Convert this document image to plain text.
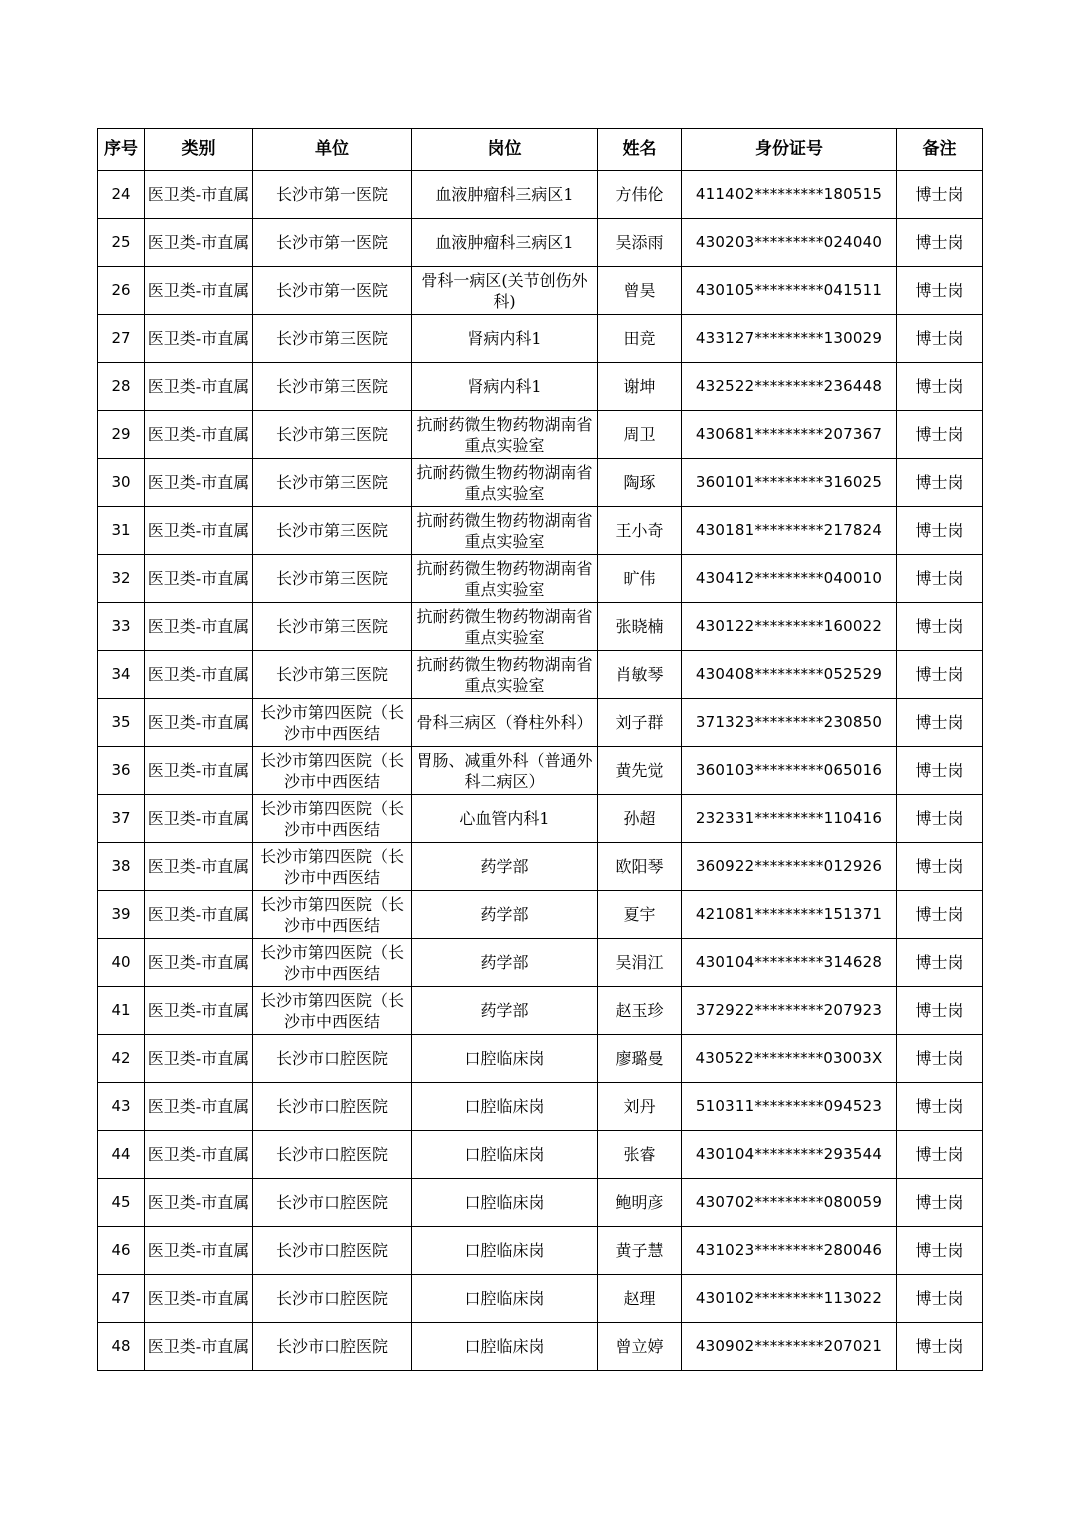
序号	类别	单位	岗位	姓名	身份证号	备注
24	医卫类-市直属	长沙市第一医院	血液肿瘤科三病区1	方伟伦	411402*********180515	博士岗
25	医卫类-市直属	长沙市第一医院	血液肿瘤科三病区1	吴添雨	430203*********024040	博士岗
26	医卫类-市直属	长沙市第一医院	骨科一病区(关节创伤外科)	曾昊	430105*********041511	博士岗
27	医卫类-市直属	长沙市第三医院	肾病内科1	田竞	433127*********130029	博士岗
28	医卫类-市直属	长沙市第三医院	肾病内科1	谢坤	432522*********236448	博士岗
29	医卫类-市直属	长沙市第三医院	抗耐药微生物药物湖南省重点实验室	周卫	430681*********207367	博士岗
30	医卫类-市直属	长沙市第三医院	抗耐药微生物药物湖南省重点实验室	陶琢	360101*********316025	博士岗
31	医卫类-市直属	长沙市第三医院	抗耐药微生物药物湖南省重点实验室	王小奇	430181*********217824	博士岗
32	医卫类-市直属	长沙市第三医院	抗耐药微生物药物湖南省重点实验室	旷伟	430412*********040010	博士岗
33	医卫类-市直属	长沙市第三医院	抗耐药微生物药物湖南省重点实验室	张晓楠	430122*********160022	博士岗
34	医卫类-市直属	长沙市第三医院	抗耐药微生物药物湖南省重点实验室	肖敏琴	430408*********052529	博士岗
35	医卫类-市直属	长沙市第四医院（长沙市中西医结	骨科三病区（脊柱外科）	刘子群	371323*********230850	博士岗
36	医卫类-市直属	长沙市第四医院（长沙市中西医结	胃肠、减重外科（普通外科二病区）	黄先觉	360103*********065016	博士岗
37	医卫类-市直属	长沙市第四医院（长沙市中西医结	心血管内科1	孙超	232331*********110416	博士岗
38	医卫类-市直属	长沙市第四医院（长沙市中西医结	药学部	欧阳琴	360922*********012926	博士岗
39	医卫类-市直属	长沙市第四医院（长沙市中西医结	药学部	夏宇	421081*********151371	博士岗
40	医卫类-市直属	长沙市第四医院（长沙市中西医结	药学部	吴涓江	430104*********314628	博士岗
41	医卫类-市直属	长沙市第四医院（长沙市中西医结	药学部	赵玉珍	372922*********207923	博士岗
42	医卫类-市直属	长沙市口腔医院	口腔临床岗	廖璐曼	430522*********03003X	博士岗
43	医卫类-市直属	长沙市口腔医院	口腔临床岗	刘丹	510311*********094523	博士岗
44	医卫类-市直属	长沙市口腔医院	口腔临床岗	张睿	430104*********293544	博士岗
45	医卫类-市直属	长沙市口腔医院	口腔临床岗	鲍明彦	430702*********080059	博士岗
46	医卫类-市直属	长沙市口腔医院	口腔临床岗	黄子慧	431023*********280046	博士岗
47	医卫类-市直属	长沙市口腔医院	口腔临床岗	赵理	430102*********113022	博士岗
48	医卫类-市直属	长沙市口腔医院	口腔临床岗	曾立婷	430902*********207021	博士岗
